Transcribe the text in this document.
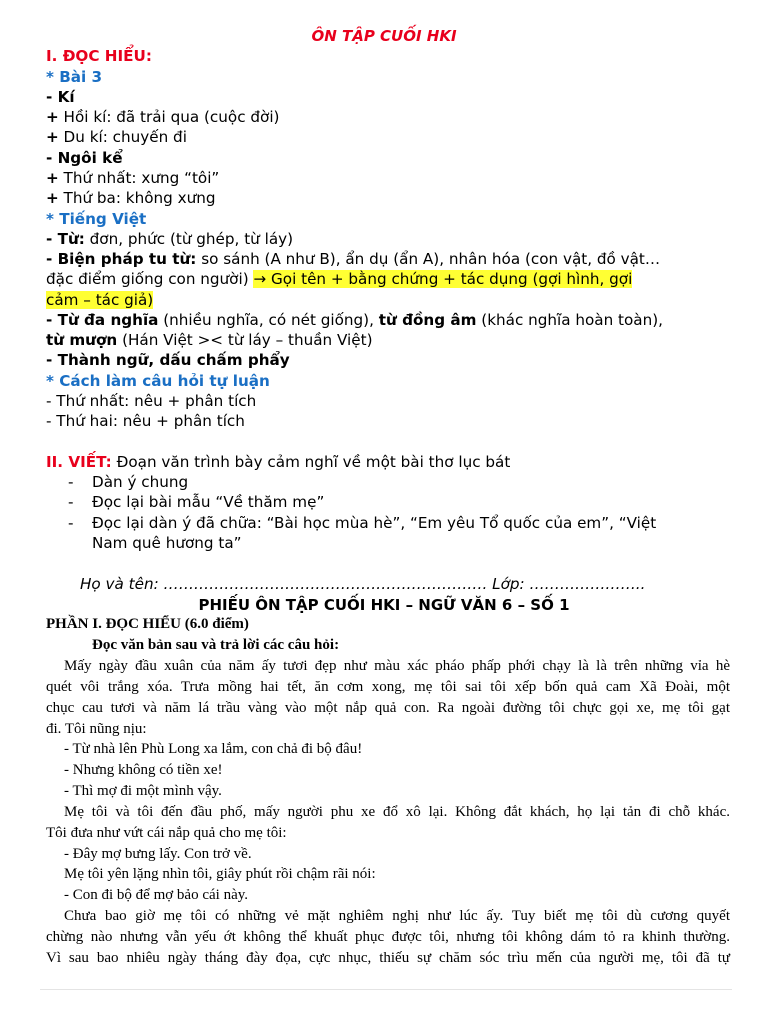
ÔN TẬP CUỐI HKI
I. ĐỌC HIỂU:
* Bài 3
- Kí
+ Hồi kí: đã trải qua (cuộc đời)
+ Du kí: chuyến đi
- Ngôi kể
+ Thứ nhất: xưng “tôi”
+ Thứ ba: không xưng
* Tiếng Việt
- Từ: đơn, phức (từ ghép, từ láy)
- Biện pháp tu từ: so sánh (A như B), ẩn dụ (ẩn A), nhân hóa (con vật, đồ vật…
đặc điểm giống con người) → Gọi tên + bằng chứng + tác dụng (gợi hình, gợi
cảm – tác giả)
- Từ đa nghĩa (nhiều nghĩa, có nét giống), từ đồng âm (khác nghĩa hoàn toàn),
từ mượn (Hán Việt >< từ láy – thuần Việt)
- Thành ngữ, dấu chấm phẩy
* Cách làm câu hỏi tự luận
- Thứ nhất: nêu + phân tích
- Thứ hai: nêu + phân tích
II. VIẾT: Đoạn văn trình bày cảm nghĩ về một bài thơ lục bát
- Dàn ý chung
- Đọc lại bài mẫu “Về thăm mẹ”
- Đọc lại dàn ý đã chữa: “Bài học mùa hè”, “Em yêu Tổ quốc của em”, “Việt
Nam quê hương ta”
Họ và tên: ………………………………………………………. Lớp: …………………..
PHIẾU ÔN TẬP CUỐI HKI – NGỮ VĂN 6 – SỐ 1
PHẦN I. ĐỌC HIỂU (6.0 điểm)
Đọc văn bản sau và trả lời các câu hỏi:
Mấy ngày đầu xuân của năm ấy tươi đẹp như màu xác pháo phấp phới chạy là là trên những vỉa hè
quét vôi trắng xóa. Trưa mồng hai tết, ăn cơm xong, mẹ tôi sai tôi xếp bốn quả cam Xã Đoài, một
chục cau tươi và năm lá trầu vàng vào một nắp quả con. Ra ngoài đường tôi chực gọi xe, mẹ tôi gạt
đi. Tôi nũng nịu:
- Từ nhà lên Phù Long xa lắm, con chả đi bộ đâu!
- Nhưng không có tiền xe!
- Thì mợ đi một mình vậy.
Mẹ tôi và tôi đến đầu phố, mấy người phu xe đổ xô lại. Không đắt khách, họ lại tản đi chỗ khác.
Tôi đưa như vứt cái nắp quả cho mẹ tôi:
- Đây mợ bưng lấy. Con trở về.
Mẹ tôi yên lặng nhìn tôi, giây phút rồi chậm rãi nói:
- Con đi bộ để mợ bảo cái này.
Chưa bao giờ mẹ tôi có những vẻ mặt nghiêm nghị như lúc ấy. Tuy biết mẹ tôi dù cương quyết
chừng nào nhưng vẫn yếu ớt không thể khuất phục được tôi, nhưng tôi không dám tỏ ra khinh thường.
Vì sau bao nhiêu ngày tháng đày đọa, cực nhục, thiếu sự chăm sóc trìu mến của người mẹ, tôi đã tự
